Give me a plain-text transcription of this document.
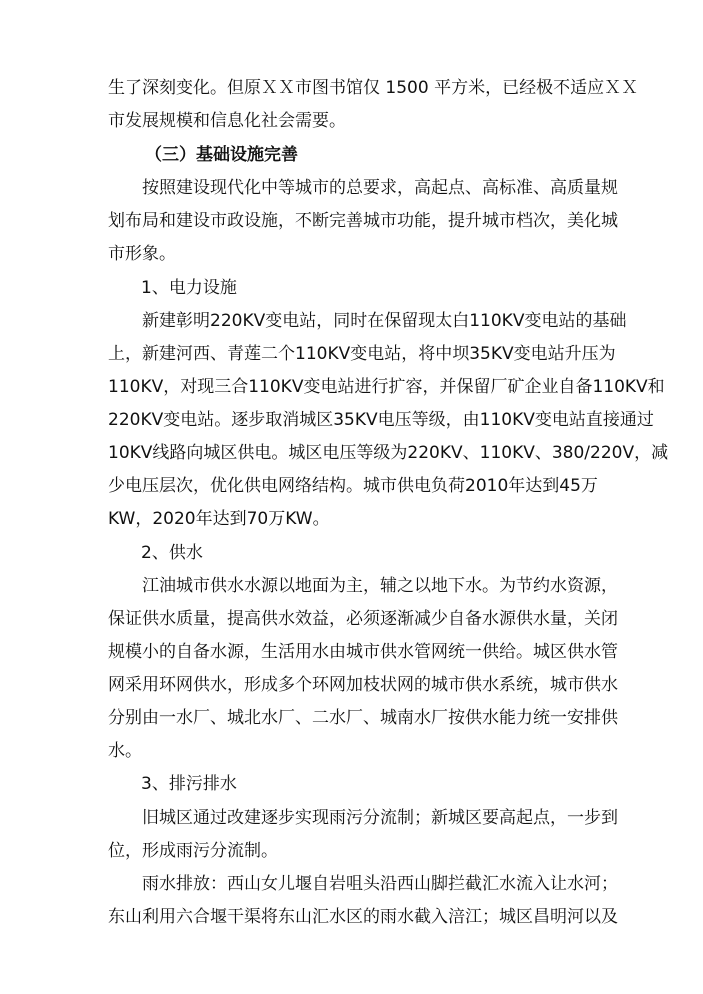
生了深刻变化。但原ＸＸ市图书馆仅 1500 平方米，已经极不适应ＸＸ

市发展规模和信息化社会需要。

（三）基础设施完善

按照建设现代化中等城市的总要求，高起点、高标准、高质量规

划布局和建设市政设施，不断完善城市功能，提升城市档次，美化城

市形象。

1、电力设施

新建彰明220KV变电站，同时在保留现太白110KV变电站的基础

上，新建河西、青莲二个110KV变电站，将中坝35KV变电站升压为

110KV，对现三合110KV变电站进行扩容，并保留厂矿企业自备110KV和

220KV变电站。逐步取消城区35KV电压等级，由110KV变电站直接通过

10KV线路向城区供电。城区电压等级为220KV、110KV、380/220V，减

少电压层次，优化供电网络结构。城市供电负荷2010年达到45万

KW，2020年达到70万KW。

2、供水

江油城市供水水源以地面为主，辅之以地下水。为节约水资源，

保证供水质量，提高供水效益，必须逐渐减少自备水源供水量，关闭

规模小的自备水源，生活用水由城市供水管网统一供给。城区供水管

网采用环网供水，形成多个环网加枝状网的城市供水系统，城市供水

分别由一水厂、城北水厂、二水厂、城南水厂按供水能力统一安排供

水。

3、排污排水

旧城区通过改建逐步实现雨污分流制；新城区要高起点，一步到

位，形成雨污分流制。

雨水排放：西山女儿堰自岩咀头沿西山脚拦截汇水流入让水河；

东山利用六合堰干渠将东山汇水区的雨水截入涪江；城区昌明河以及
